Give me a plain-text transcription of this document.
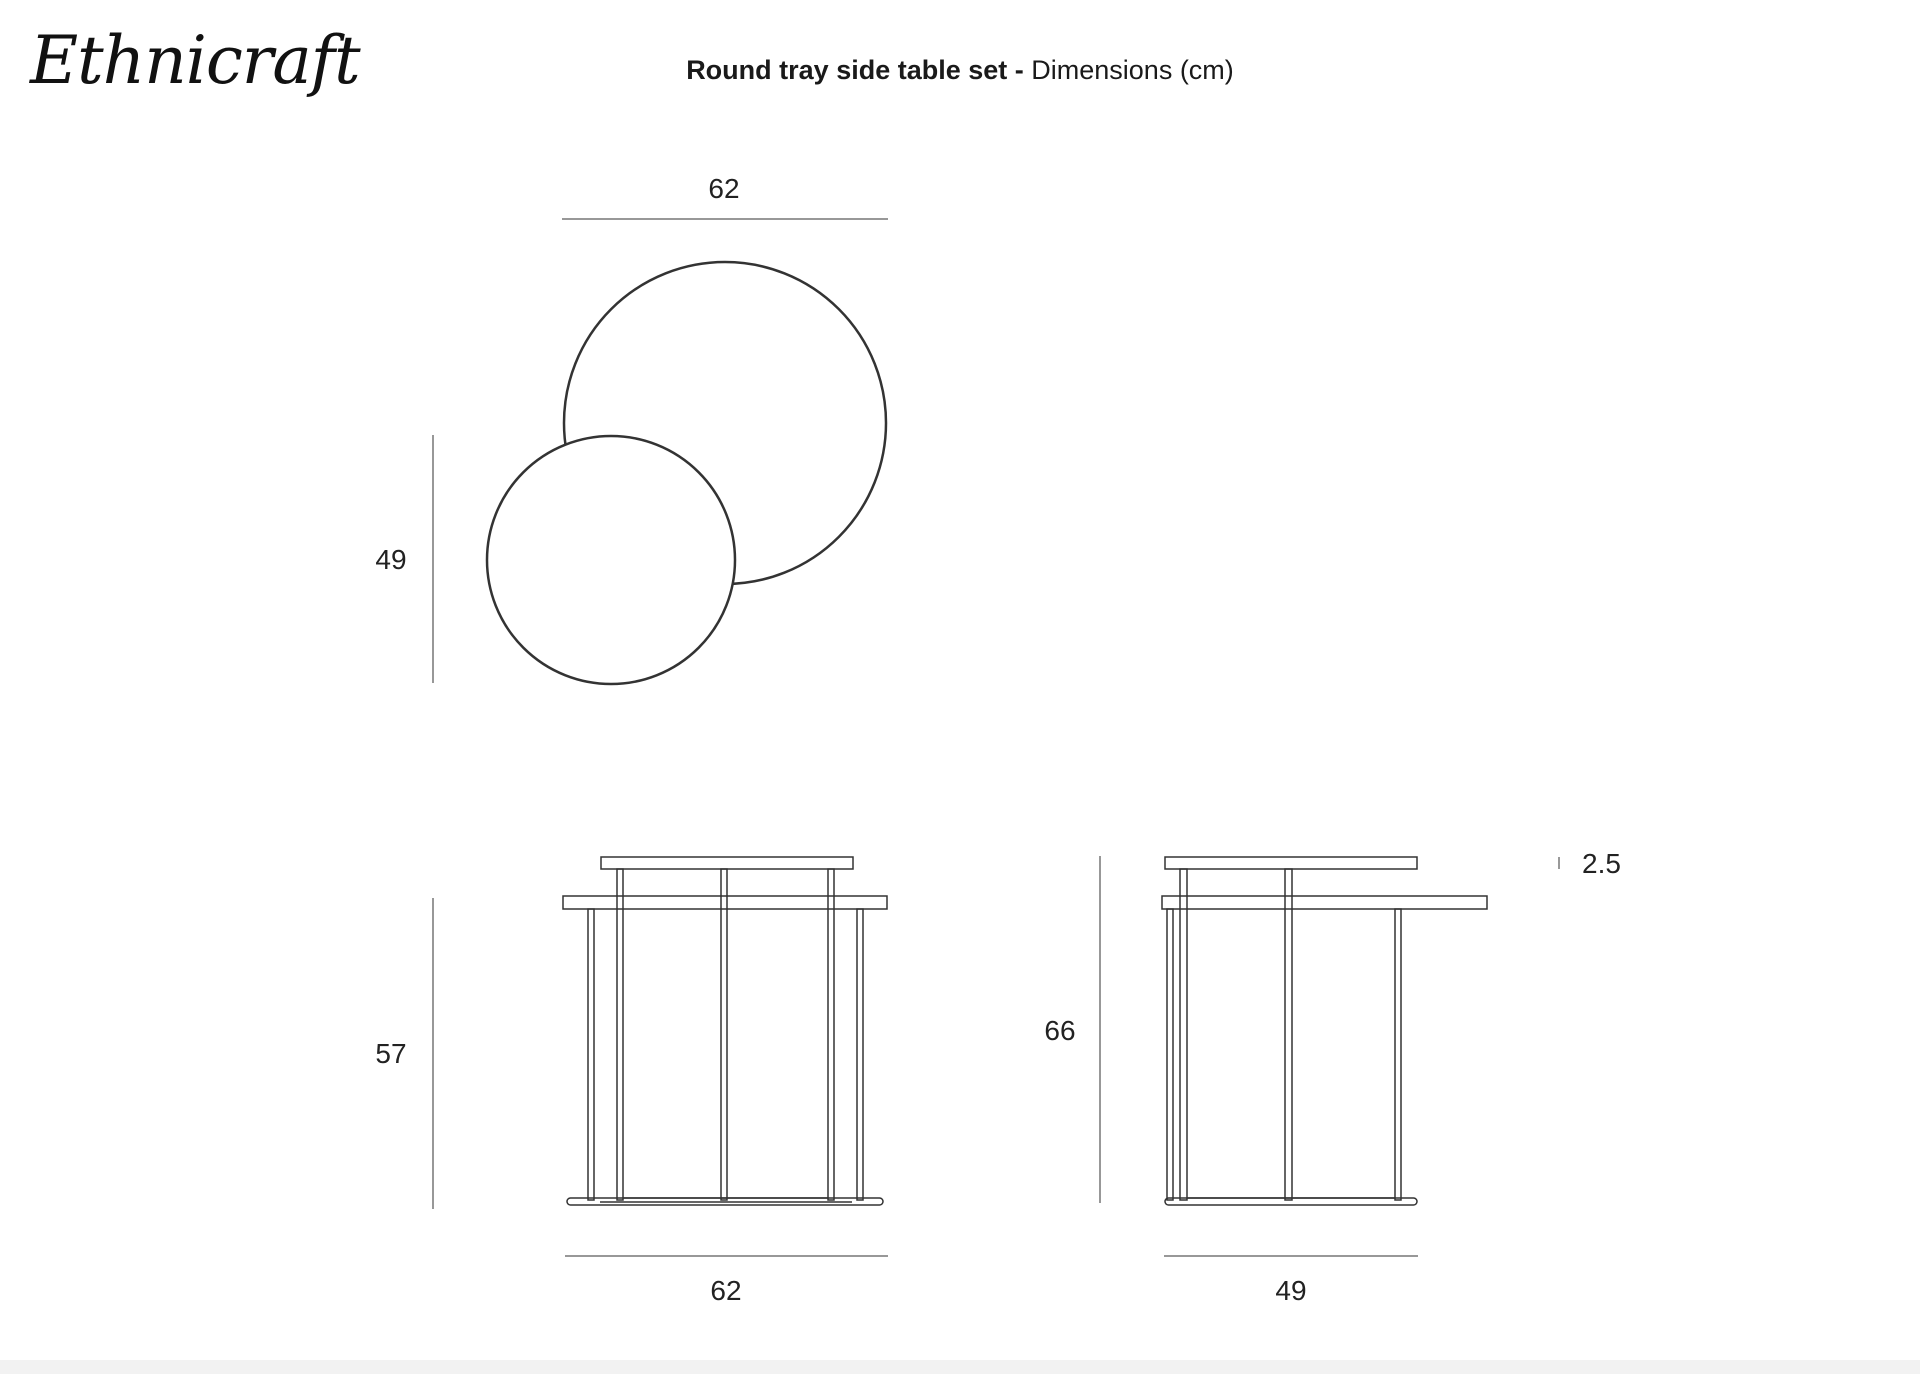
Ethnicraft	Round tray side table set - Dimensions (cm)
62
49
57
62
66
49
2.5
